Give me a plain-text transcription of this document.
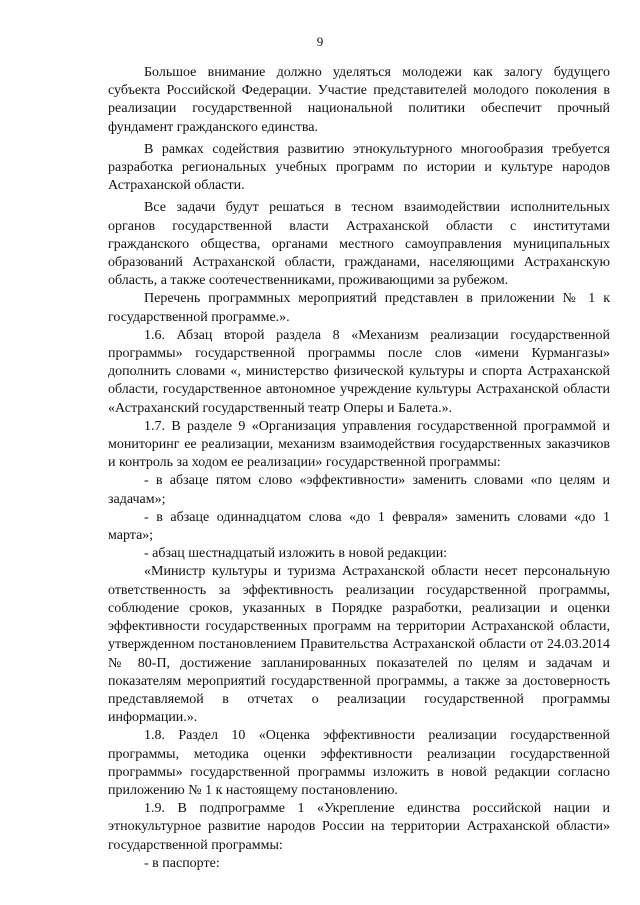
9

Большое внимание должно уделяться молодежи как залогу будущего субъекта Российской Федерации. Участие представителей молодого поколения в реализации государственной национальной политики обеспечит прочный фундамент гражданского единства.

В рамках содействия развитию этнокультурного многообразия требуется разработка региональных учебных программ по истории и культуре народов Астраханской области.

Все задачи будут решаться в тесном взаимодействии исполнительных органов государственной власти Астраханской области с институтами гражданского общества, органами местного самоуправления муниципальных образований Астраханской области, гражданами, населяющими Астраханскую область, а также соотечественниками, проживающими за рубежом.

Перечень программных мероприятий представлен в приложении № 1 к государственной программе.».

1.6. Абзац второй раздела 8 «Механизм реализации государственной программы» государственной программы после слов «имени Курмангазы» дополнить словами «, министерство физической культуры и спорта Астраханской области, государственное автономное учреждение культуры Астраханской области «Астраханский государственный театр Оперы и Балета.».

1.7. В разделе 9 «Организация управления государственной программой и мониторинг ее реализации, механизм взаимодействия государственных заказчиков и контроль за ходом ее реализации» государственной программы:

- в абзаце пятом слово «эффективности» заменить словами «по целям и задачам»;

- в абзаце одиннадцатом слова «до 1 февраля» заменить словами «до 1 марта»;

- абзац шестнадцатый изложить в новой редакции:

«Министр культуры и туризма Астраханской области несет персональную ответственность за эффективность реализации государственной программы, соблюдение сроков, указанных в Порядке разработки, реализации и оценки эффективности государственных программ на территории Астраханской области, утвержденном постановлением Правительства Астраханской области от 24.03.2014 № 80-П, достижение запланированных показателей по целям и задачам и показателям мероприятий государственной программы, а также за достоверность представляемой в отчетах о реализации государственной программы информации.».

1.8. Раздел 10 «Оценка эффективности реализации государственной программы, методика оценки эффективности реализации государственной программы» государственной программы изложить в новой редакции согласно приложению № 1 к настоящему постановлению.

1.9. В подпрограмме 1 «Укрепление единства российской нации и этнокультурное развитие народов России на территории Астраханской области» государственной программы:

- в паспорте:
